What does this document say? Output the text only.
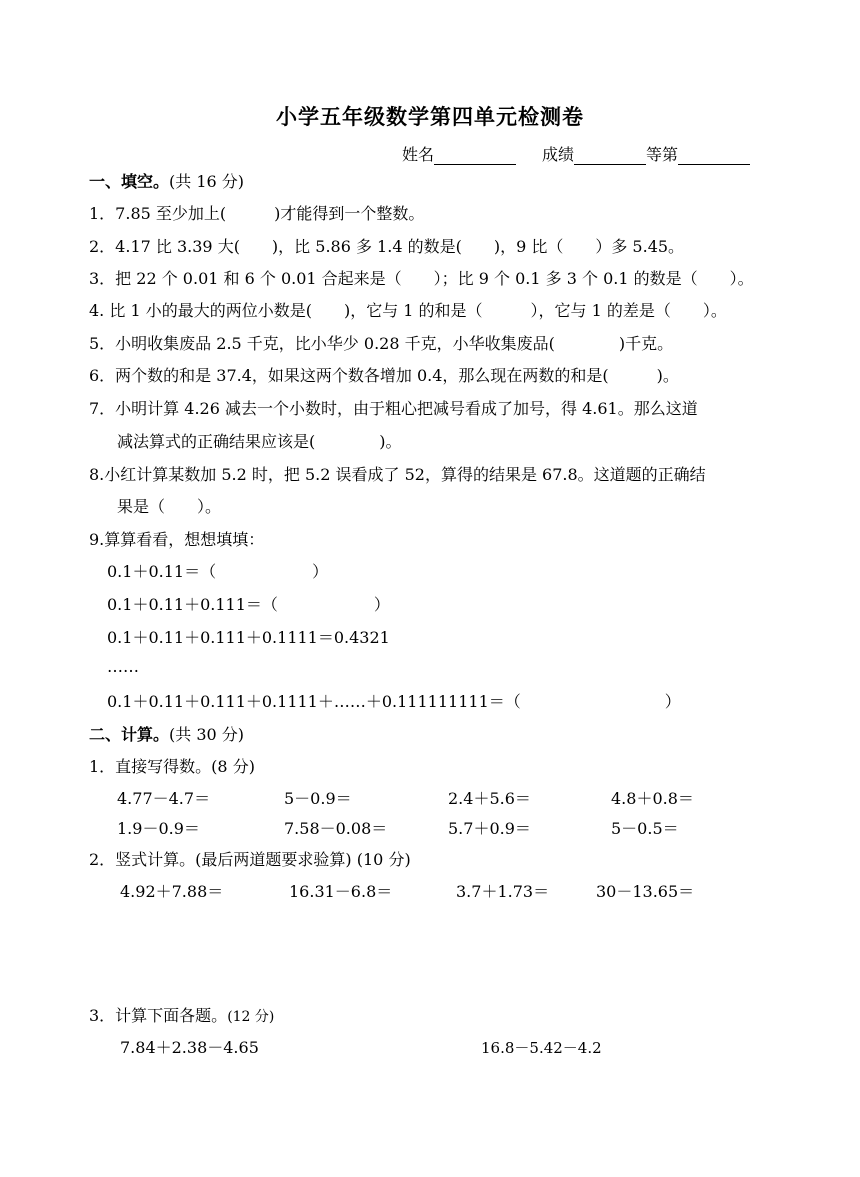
小学五年级数学第四单元检测卷
姓名	成绩	等第
一、填空。(共 16 分)
1．7.85 至少加上(　　　)才能得到一个整数。
2．4.17 比 3.39 大(　　)，比 5.86 多 1.4 的数是(　　)，9 比（　　）多 5.45。
3．把 22 个 0.01 和 6 个 0.01 合起来是（　　）；比 9 个 0.1 多 3 个 0.1 的数是（　　）。
4. 比 1 小的最大的两位小数是(　　)，它与 1 的和是（　　　），它与 1 的差是（　　）。
5．小明收集废品 2.5 千克，比小华少 0.28 千克，小华收集废品(　　　　)千克。
6．两个数的和是 37.4，如果这两个数各增加 0.4，那么现在两数的和是(　　　)。
7．小明计算 4.26 减去一个小数时，由于粗心把减号看成了加号，得 4.61。那么这道
减法算式的正确结果应该是(　　　　)。
8.小红计算某数加 5.2 时，把 5.2 误看成了 52，算得的结果是 67.8。这道题的正确结
果是（　　）。
9.算算看看，想想填填：
0.1＋0.11＝（　　　　　　）
0.1＋0.11＋0.111＝（　　　　　　）
0.1＋0.11＋0.111＋0.1111＝0.4321
……
0.1＋0.11＋0.111＋0.1111＋……＋0.111111111＝（　　　　　　　　　）
二、计算。(共 30 分)
1．直接写得数。(8 分)
4.77－4.7＝	5－0.9＝	2.4＋5.6＝	4.8＋0.8＝
1.9－0.9＝	7.58－0.08＝	5.7＋0.9＝	5－0.5＝
2．竖式计算。(最后两道题要求验算) (10 分)
4.92＋7.88＝	16.31－6.8＝	3.7＋1.73＝	30－13.65＝
3．计算下面各题。(12 分)
7.84＋2.38－4.65	16.8－5.42－4.2
